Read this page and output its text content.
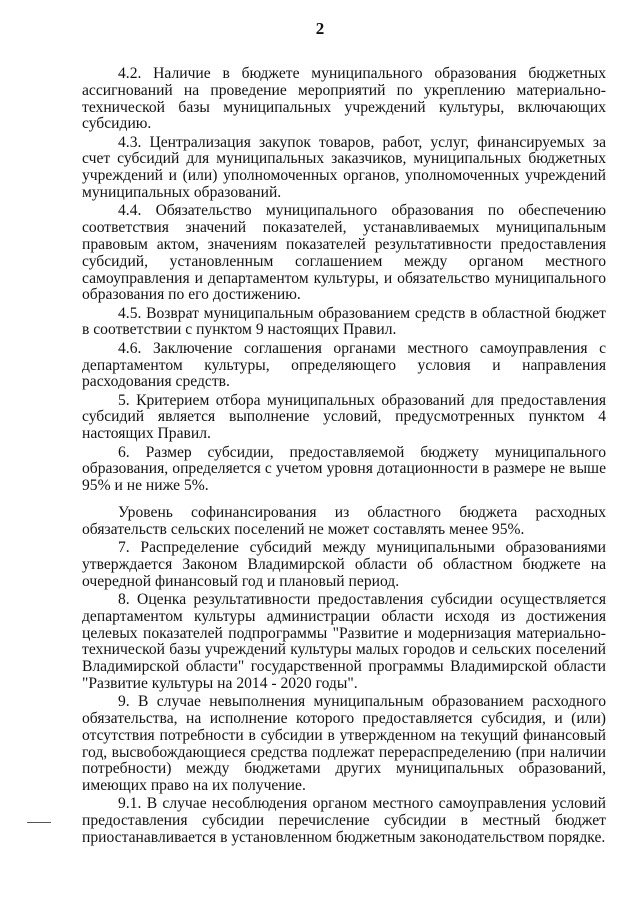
2

4.2. Наличие в бюджете муниципального образования бюджетных ассигнований на проведение мероприятий по укреплению материально-технической базы муниципальных учреждений культуры, включающих субсидию.

4.3. Централизация закупок товаров, работ, услуг, финансируемых за счет субсидий для муниципальных заказчиков, муниципальных бюджетных учреждений и (или) уполномоченных органов, уполномоченных учреждений муниципальных образований.

4.4. Обязательство муниципального образования по обеспечению соответствия значений показателей, устанавливаемых муниципальным правовым актом, значениям показателей результативности предоставления субсидий, установленным соглашением между органом местного самоуправления и департаментом культуры, и обязательство муниципального образования по его достижению.

4.5. Возврат муниципальным образованием средств в областной бюджет в соответствии с пунктом 9 настоящих Правил.

4.6. Заключение соглашения органами местного самоуправления с департаментом культуры, определяющего условия и направления расходования средств.

5. Критерием отбора муниципальных образований для предоставления субсидий является выполнение условий, предусмотренных пунктом 4 настоящих Правил.

6. Размер субсидии, предоставляемой бюджету муниципального образования, определяется с учетом уровня дотационности в размере не выше 95% и не ниже 5%.

Уровень софинансирования из областного бюджета расходных обязательств сельских поселений не может составлять менее 95%.

7. Распределение субсидий между муниципальными образованиями утверждается Законом Владимирской области об областном бюджете на очередной финансовый год и плановый период.

8. Оценка результативности предоставления субсидии осуществляется департаментом культуры администрации области исходя из достижения целевых показателей подпрограммы "Развитие и модернизация материально-технической базы учреждений культуры малых городов и сельских поселений Владимирской области" государственной программы Владимирской области "Развитие культуры на 2014 - 2020 годы".

9. В случае невыполнения муниципальным образованием расходного обязательства, на исполнение которого предоставляется субсидия, и (или) отсутствия потребности в субсидии в утвержденном на текущий финансовый год, высвобождающиеся средства подлежат перераспределению (при наличии потребности) между бюджетами других муниципальных образований, имеющих право на их получение.

9.1. В случае несоблюдения органом местного самоуправления условий предоставления субсидии перечисление субсидии в местный бюджет приостанавливается в установленном бюджетным законодательством порядке.
